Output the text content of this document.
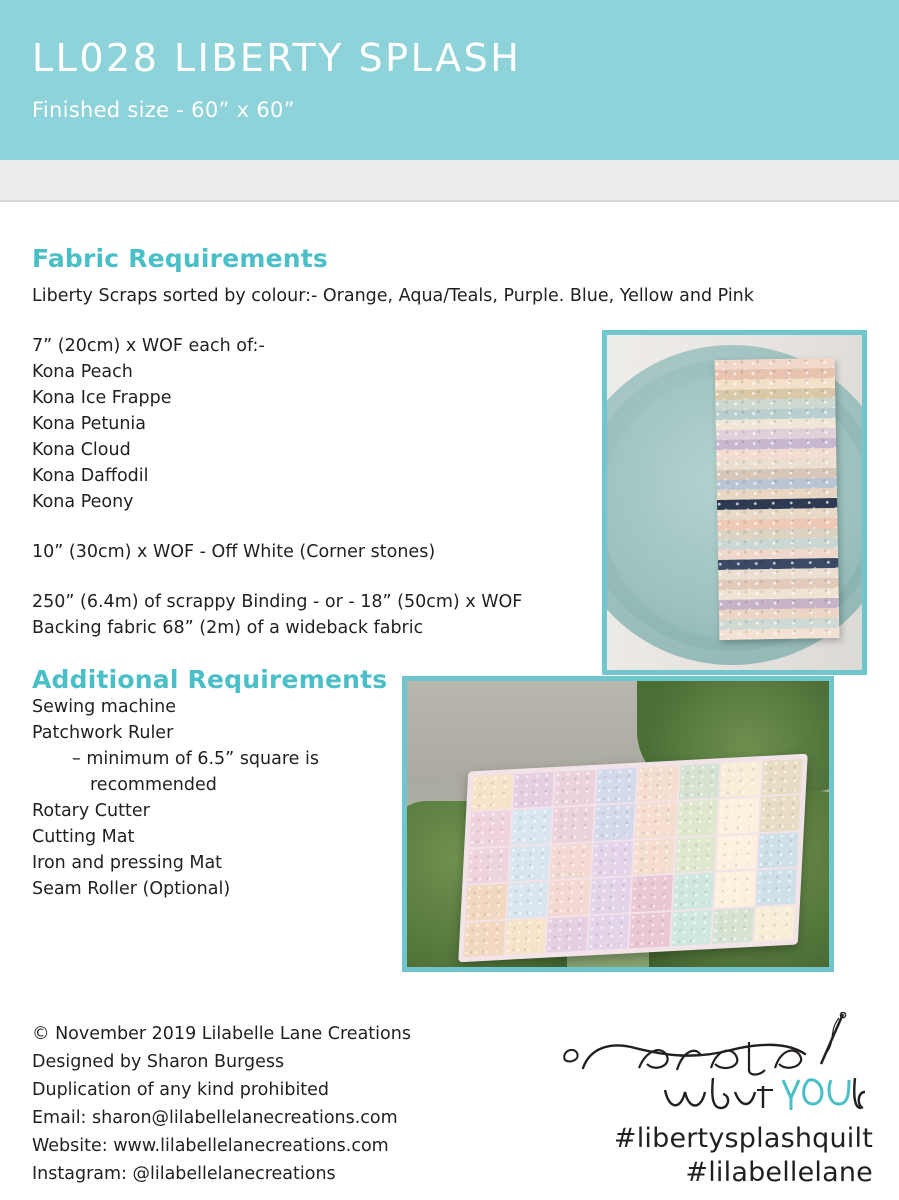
LL028 LIBERTY SPLASH
Finished size - 60” x 60”
Fabric Requirements

Liberty Scraps sorted by colour:- Orange, Aqua/Teals, Purple. Blue, Yellow and Pink

7” (20cm) x WOF each of:-

Kona Peach
Kona Ice Frappe
Kona Petunia
Kona Cloud
Kona Daffodil
Kona Peony

10” (30cm) x WOF - Off White (Corner stones)

250” (6.4m) of scrappy Binding - or - 18” (50cm) x WOF

Backing fabric 68” (2m) of a wideback fabric

Additional Requirements
Sewing machine
Patchwork Ruler
– minimum of 6.5” square is
recommended
Rotary Cutter
Cutting Mat
Iron and pressing Mat
Seam Roller (Optional)

© November 2019 Lilabelle Lane Creations

Designed by Sharon Burgess

Duplication of any kind prohibited

Email: sharon@lilabellelanecreations.com

Website: www.lilabellelanecreations.com

Instagram: @lilabellelanecreations

#libertysplashquilt
#lilabellelane
